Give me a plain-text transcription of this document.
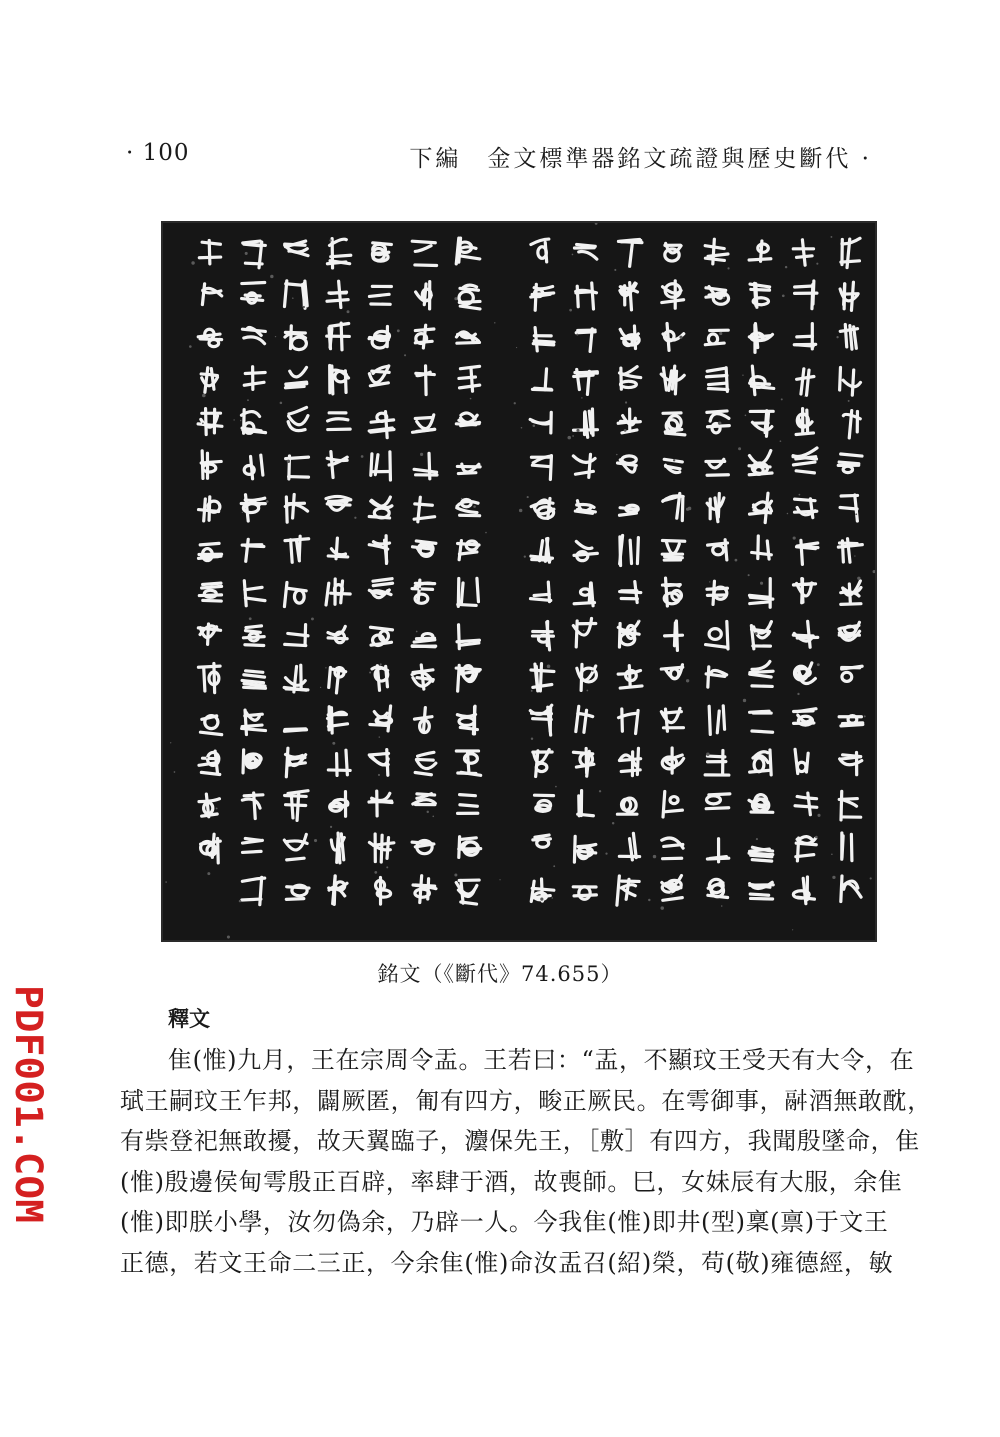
· 100	下編 金文標準器銘文疏證與歷史斷代 ·
銘文（《斷代》74.655）
釋文
隹(惟)九月，王在宗周令盂。王若曰：“盂，不顯玟王受天有大令，在
珷王嗣玟王乍邦，闢厥匿，匍有四方，畯正厥民。在雩御事，𩰫酒無敢酖，
有祡登祀無敢擾，故天翼臨子，灋保先王，［敷］有四方，我聞殷墜命，隹
(惟)殷邊侯甸雩殷正百辟，率肆于酒，故喪師。巳，女妹辰有大服，余隹
(惟)即朕小學，汝勿偽余，乃辟一人。今我隹(惟)即井(型)稟(禀)于文王
正德，若文王命二三正，今余隹(惟)命汝盂召(紹)榮，苟(敬)雍德經，敏
PDF001.COM
